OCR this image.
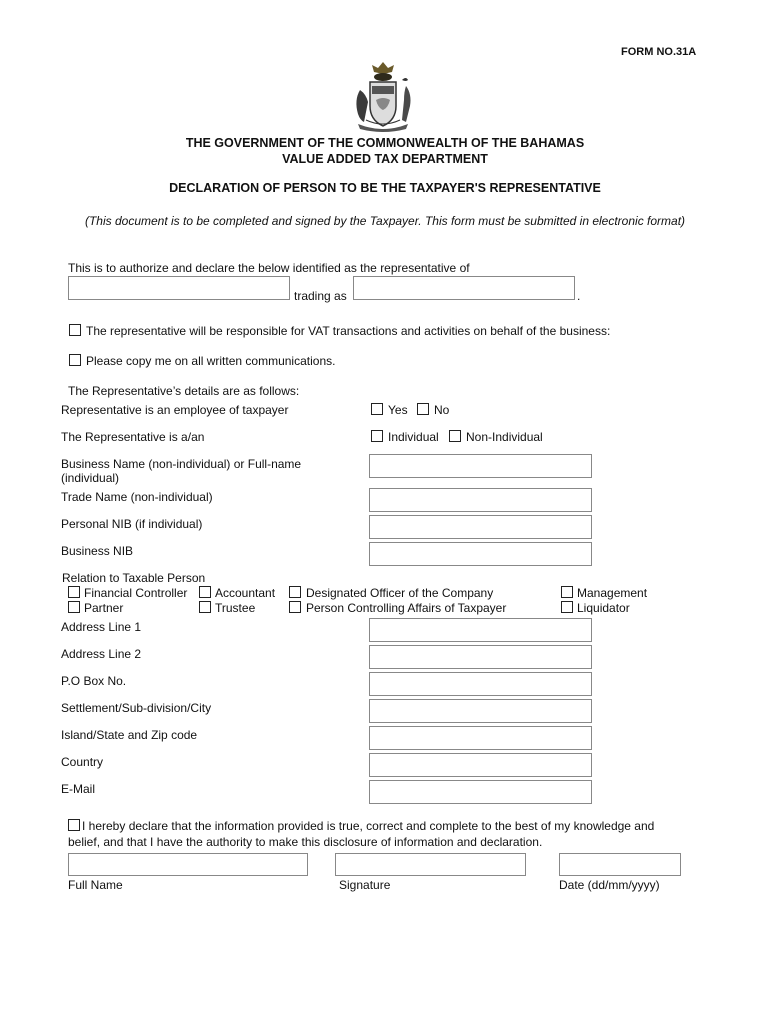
FORM NO.31A
THE GOVERNMENT OF THE COMMONWEALTH OF THE BAHAMAS
VALUE ADDED TAX DEPARTMENT
DECLARATION OF PERSON TO BE THE TAXPAYER'S REPRESENTATIVE
(This document is to be completed and signed by the Taxpayer. This form must be submitted in electronic format)
This is to authorize and declare the below identified as the representative of
trading as	.
The representative will be responsible for VAT transactions and activities on behalf of the business:
Please copy me on all written communications.
The Representative’s details are as follows:
Representative is an employee of taxpayer	Yes No
The Representative is a/an	Individual Non-Individual
Business Name (non-individual) or Full-name
(individual)
Trade Name (non-individual)
Personal NIB (if individual)
Business NIB
Relation to Taxable Person
Financial Controller Accountant	Designated Officer of the Company	Management
Partner	Trustee	Person Controlling Affairs of Taxpayer	Liquidator
Address Line 1
Address Line 2
P.O Box No.
Settlement/Sub-division/City
Island/State and Zip code
Country
E-Mail
I hereby declare that the information provided is true, correct and complete to the best of my knowledge and
belief, and that I have the authority to make this disclosure of information and declaration.
Full Name	Signature	Date (dd/mm/yyyy)
